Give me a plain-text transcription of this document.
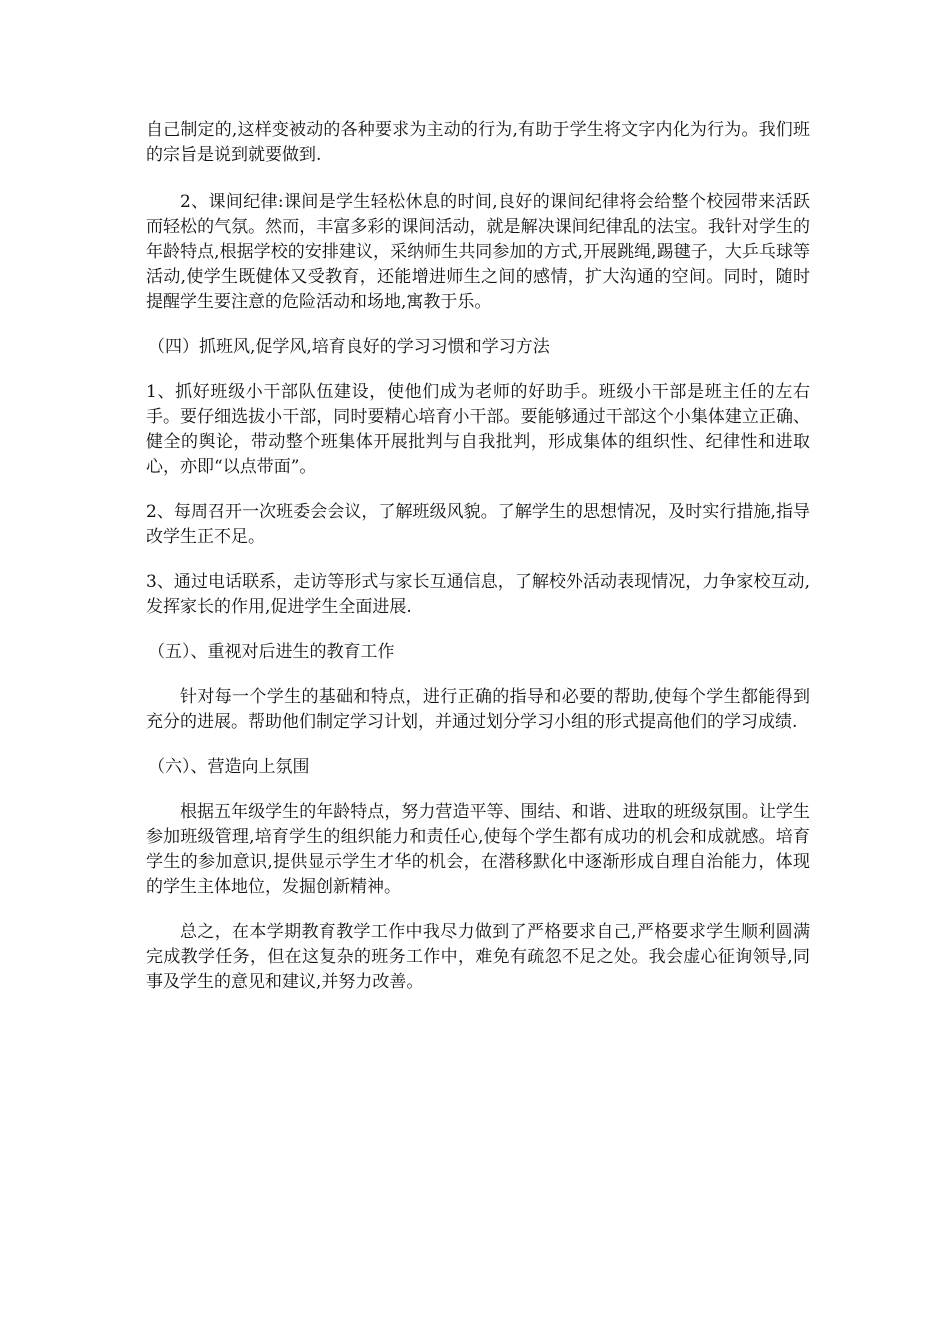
自己制定的,这样变被动的各种要求为主动的行为,有助于学生将文字内化为行为。我们班的宗旨是说到就要做到.

2、课间纪律:课间是学生轻松休息的时间,良好的课间纪律将会给整个校园带来活跃而轻松的气氛。然而，丰富多彩的课间活动，就是解决课间纪律乱的法宝。我针对学生的年龄特点,根据学校的安排建议，采纳师生共同参加的方式,开展跳绳,踢毽子，大乒乓球等活动,使学生既健体又受教育，还能增进师生之间的感情，扩大沟通的空间。同时，随时提醒学生要注意的危险活动和场地,寓教于乐。

（四）抓班风,促学风,培育良好的学习习惯和学习方法

1、抓好班级小干部队伍建设，使他们成为老师的好助手。班级小干部是班主任的左右手。要仔细选拔小干部，同时要精心培育小干部。要能够通过干部这个小集体建立正确、健全的舆论，带动整个班集体开展批判与自我批判，形成集体的组织性、纪律性和进取心，亦即“以点带面”。

2、每周召开一次班委会会议，了解班级风貌。了解学生的思想情况，及时实行措施,指导改学生正不足。

3、通过电话联系，走访等形式与家长互通信息，了解校外活动表现情况，力争家校互动,发挥家长的作用,促进学生全面进展.

（五）、重视对后进生的教育工作

针对每一个学生的基础和特点，进行正确的指导和必要的帮助,使每个学生都能得到充分的进展。帮助他们制定学习计划，并通过划分学习小组的形式提高他们的学习成绩.

（六）、营造向上氛围

根据五年级学生的年龄特点，努力营造平等、围结、和谐、进取的班级氛围。让学生参加班级管理,培育学生的组织能力和责任心,使每个学生都有成功的机会和成就感。培育学生的参加意识,提供显示学生才华的机会，在潜移默化中逐渐形成自理自治能力，体现的学生主体地位，发掘创新精神。

总之，在本学期教育教学工作中我尽力做到了严格要求自己,严格要求学生顺利圆满完成教学任务，但在这复杂的班务工作中，难免有疏忽不足之处。我会虚心征询领导,同事及学生的意见和建议,并努力改善。
